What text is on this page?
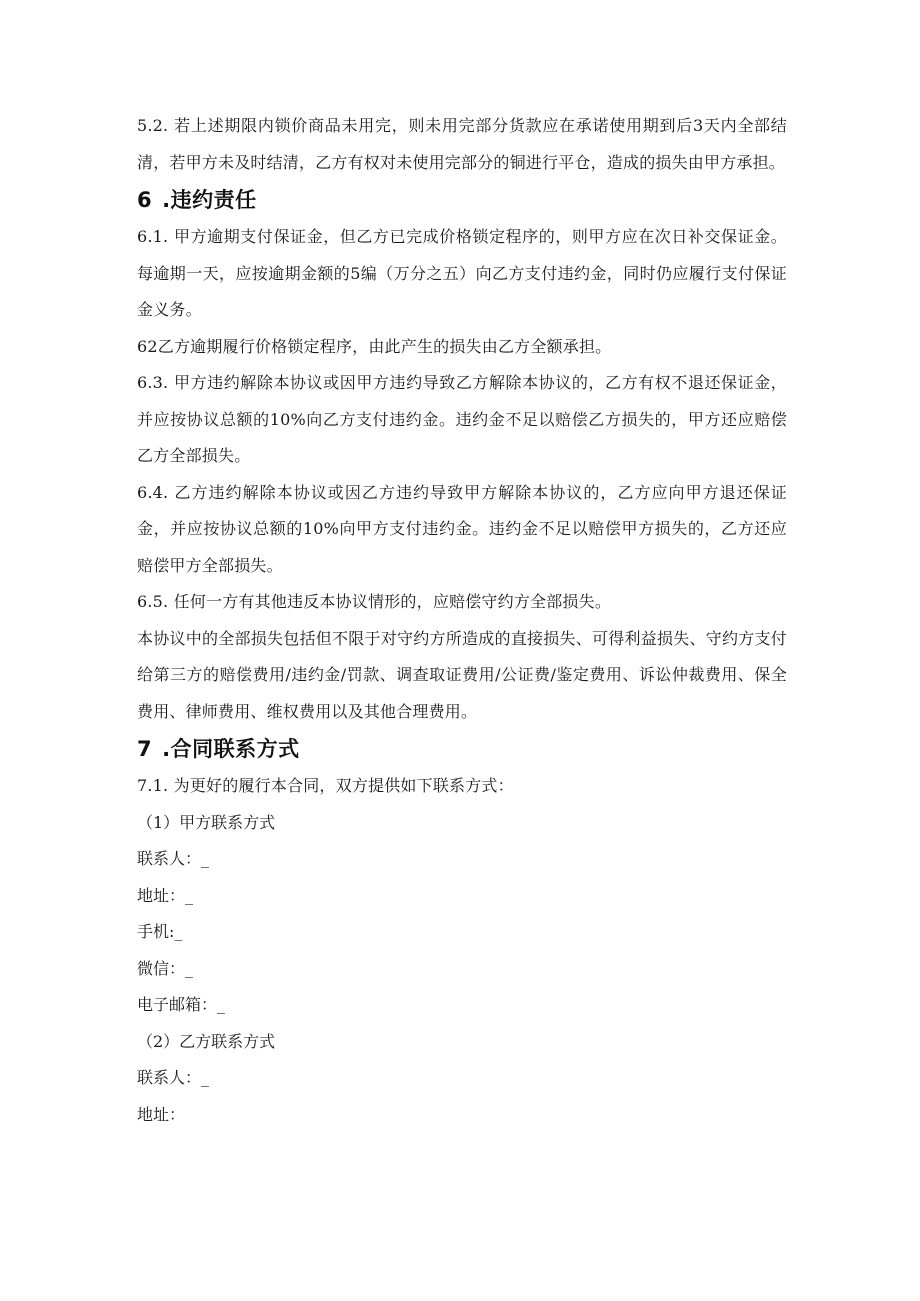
5.2. 若上述期限内锁价商品未用完，则未用完部分货款应在承诺使用期到后3天内全部结清，若甲方未及时结清，乙方有权对未使用完部分的铜进行平仓，造成的损失由甲方承担。

6 .违约责任

6.1. 甲方逾期支付保证金，但乙方已完成价格锁定程序的，则甲方应在次日补交保证金。每逾期一天，应按逾期金额的5编（万分之五）向乙方支付违约金，同时仍应履行支付保证金义务。

62乙方逾期履行价格锁定程序，由此产生的损失由乙方全额承担。

6.3. 甲方违约解除本协议或因甲方违约导致乙方解除本协议的，乙方有权不退还保证金，并应按协议总额的10%向乙方支付违约金。违约金不足以赔偿乙方损失的，甲方还应赔偿乙方全部损失。

6.4. 乙方违约解除本协议或因乙方违约导致甲方解除本协议的，乙方应向甲方退还保证金，并应按协议总额的10%向甲方支付违约金。违约金不足以赔偿甲方损失的，乙方还应赔偿甲方全部损失。

6.5. 任何一方有其他违反本协议情形的，应赔偿守约方全部损失。

本协议中的全部损失包括但不限于对守约方所造成的直接损失、可得利益损失、守约方支付给第三方的赔偿费用/违约金/罚款、调查取证费用/公证费/鉴定费用、诉讼仲裁费用、保全费用、律师费用、维权费用以及其他合理费用。

7 .合同联系方式

7.1. 为更好的履行本合同，双方提供如下联系方式：

（1）甲方联系方式

联系人：_

地址：_

手机:_

微信：_

电子邮箱：_

（2）乙方联系方式

联系人：_

地址：
